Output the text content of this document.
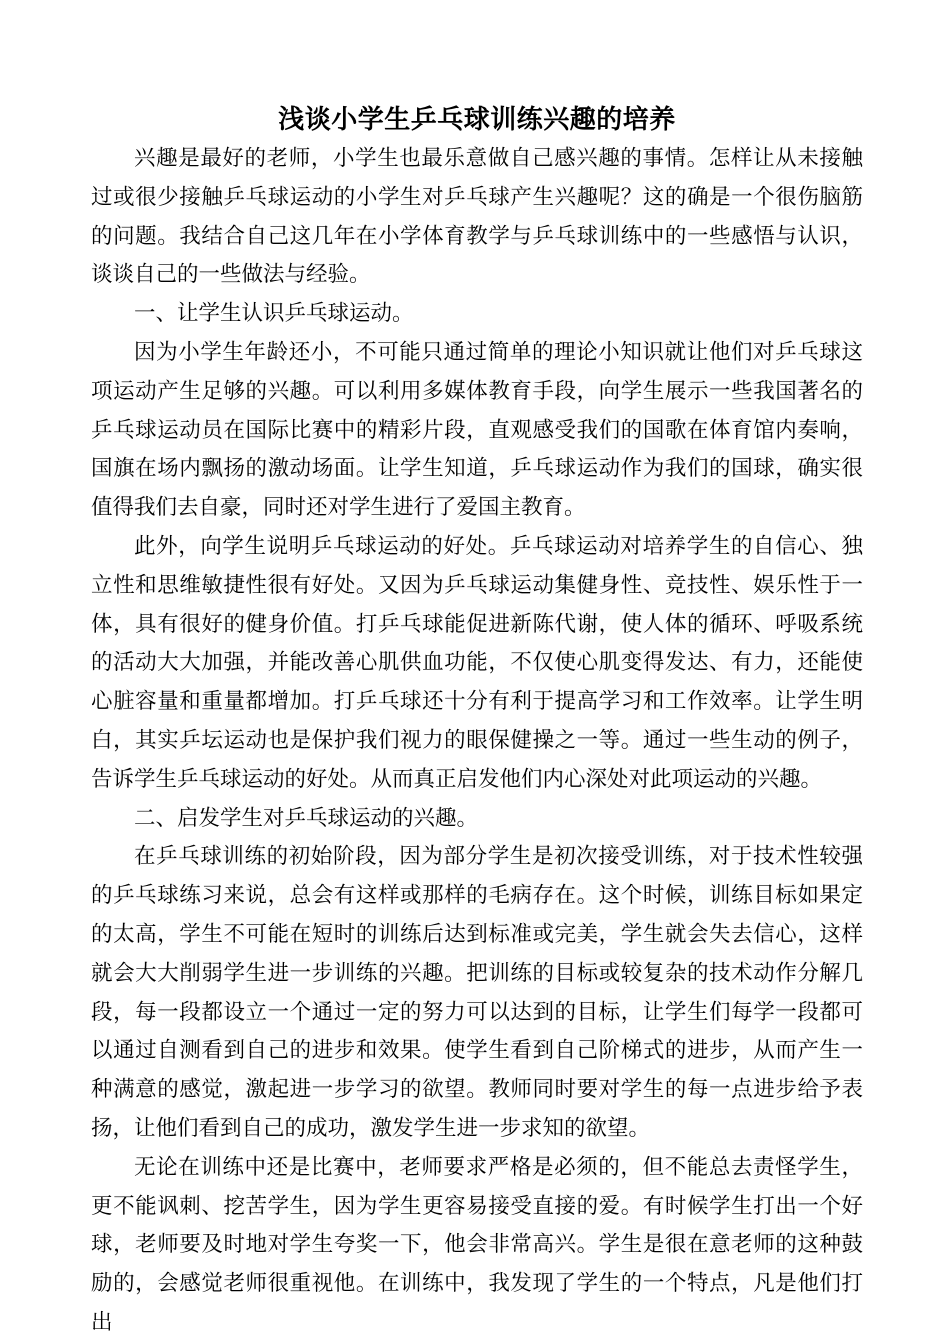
浅谈小学生乒乓球训练兴趣的培养

兴趣是最好的老师，小学生也最乐意做自己感兴趣的事情。怎样让从未接触过或很少接触乒乓球运动的小学生对乒乓球产生兴趣呢？这的确是一个很伤脑筋的问题。我结合自己这几年在小学体育教学与乒乓球训练中的一些感悟与认识，谈谈自己的一些做法与经验。

一、让学生认识乒乓球运动。

因为小学生年龄还小，不可能只通过简单的理论小知识就让他们对乒乓球这项运动产生足够的兴趣。可以利用多媒体教育手段，向学生展示一些我国著名的乒乓球运动员在国际比赛中的精彩片段，直观感受我们的国歌在体育馆内奏响，国旗在场内飘扬的激动场面。让学生知道，乒乓球运动作为我们的国球，确实很值得我们去自豪，同时还对学生进行了爱国主教育。

此外，向学生说明乒乓球运动的好处。乒乓球运动对培养学生的自信心、独立性和思维敏捷性很有好处。又因为乒乓球运动集健身性、竞技性、娱乐性于一体，具有很好的健身价值。打乒乓球能促进新陈代谢，使人体的循环、呼吸系统的活动大大加强，并能改善心肌供血功能，不仅使心肌变得发达、有力，还能使心脏容量和重量都增加。打乒乓球还十分有利于提高学习和工作效率。让学生明白，其实乒坛运动也是保护我们视力的眼保健操之一等。通过一些生动的例子，告诉学生乒乓球运动的好处。从而真正启发他们内心深处对此项运动的兴趣。

二、启发学生对乒乓球运动的兴趣。

在乒乓球训练的初始阶段，因为部分学生是初次接受训练，对于技术性较强的乒乓球练习来说，总会有这样或那样的毛病存在。这个时候，训练目标如果定的太高，学生不可能在短时的训练后达到标准或完美，学生就会失去信心，这样就会大大削弱学生进一步训练的兴趣。把训练的目标或较复杂的技术动作分解几段，每一段都设立一个通过一定的努力可以达到的目标，让学生们每学一段都可以通过自测看到自己的进步和效果。使学生看到自己阶梯式的进步，从而产生一种满意的感觉，激起进一步学习的欲望。教师同时要对学生的每一点进步给予表扬，让他们看到自己的成功，激发学生进一步求知的欲望。

无论在训练中还是比赛中，老师要求严格是必须的，但不能总去责怪学生，更不能讽刺、挖苦学生，因为学生更容易接受直接的爱。有时候学生打出一个好球，老师要及时地对学生夸奖一下，他会非常高兴。学生是很在意老师的这种鼓励的，会感觉老师很重视他。在训练中，我发现了学生的一个特点，凡是他们打出
